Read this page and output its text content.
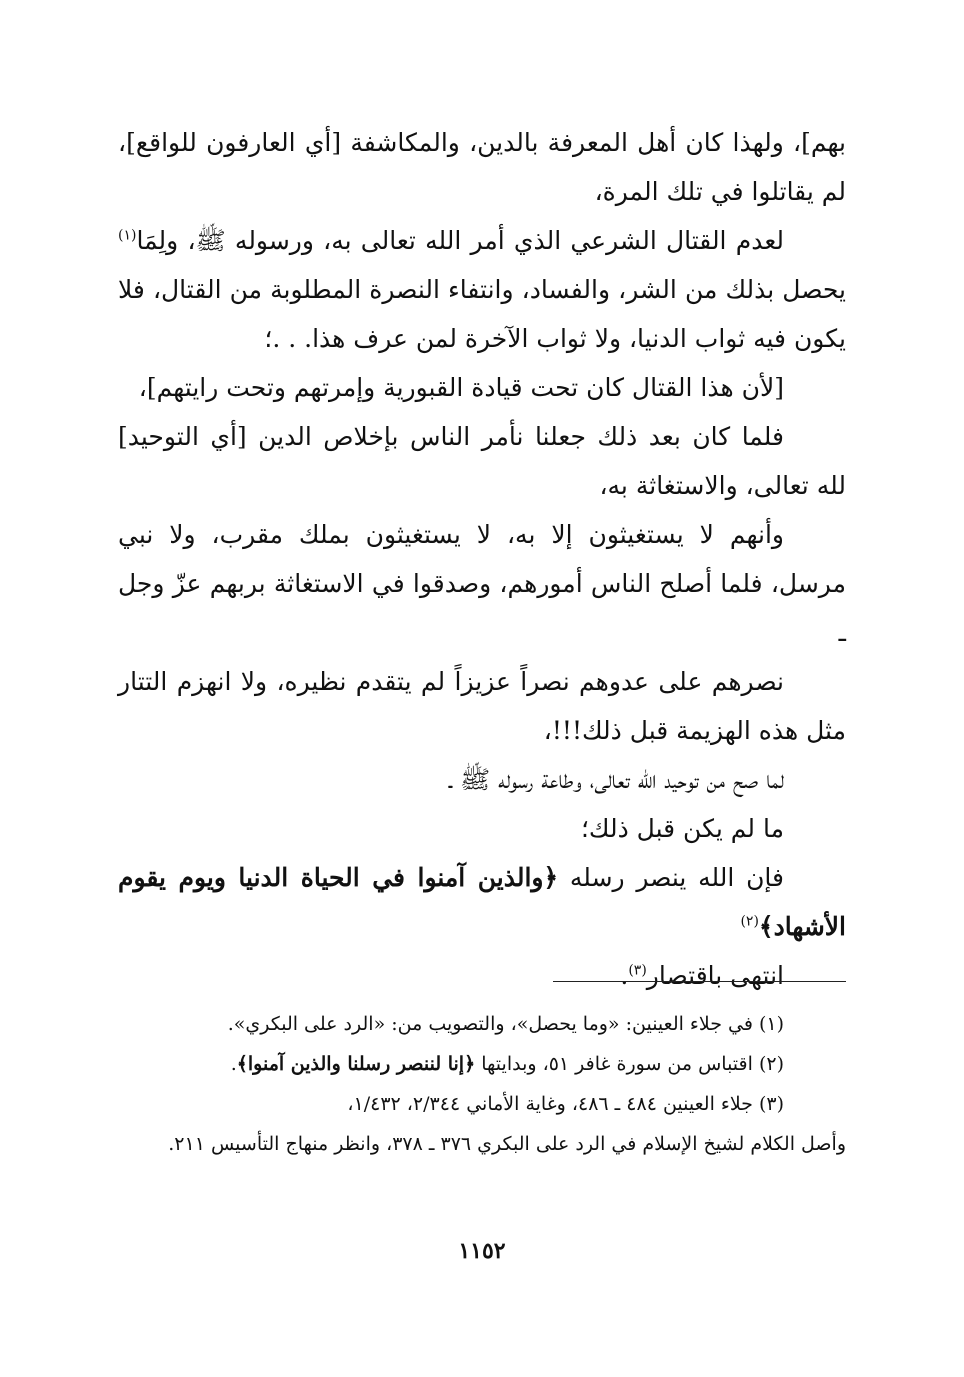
بهم]، ولهذا كان أهل المعرفة بالدين، والمكاشفة [أي العارفون للواقع]، لم يقاتلوا في تلك المرة،

لعدم القتال الشرعي الذي أمر الله تعالى به، ورسوله ﷺ، ولِمَا$^{(١)}$ يحصل بذلك من الشر، والفساد، وانتفاء النصرة المطلوبة من القتال، فلا يكون فيه ثواب الدنيا، ولا ثواب الآخرة لمن عرف هذا. . .؛

[لأن هذا القتال كان تحت قيادة القبورية وإمرتهم وتحت رايتهم]،

فلما كان بعد ذلك جعلنا نأمر الناس بإخلاص الدين [أي التوحيد] لله تعالى، والاستغاثة به،

وأنهم لا يستغيثون إلا به، لا يستغيثون بملك مقرب، ولا نبي مرسل، فلما أصلح الناس أمورهم، وصدقوا في الاستغاثة بربهم عزّ وجل ـ

نصرهم على عدوهم نصراً عزيزاً لم يتقدم نظيره، ولا انهزم التتار مثل هذه الهزيمة قبل ذلك!!!،

لما صح من توحيد الله تعالى، وطاعة رسوله ﷺ ـ

ما لم يكن قبل ذلك؛

فإن الله ينصر رسله ﴿والذين آمنوا في الحياة الدنيا ويوم يقوم الأشهاد﴾$^{(٢)}$

انتهى باقتصار$^{(٣)}$.

(١) في جلاء العينين: «وما يحصل»، والتصويب من: «الرد على البكري».

(٢) اقتباس من سورة غافر ٥١، وبدايتها ﴿إنا لننصر رسلنا والذين آمنوا﴾.

(٣) جلاء العينين ٤٨٤ ـ ٤٨٦، وغاية الأماني ٢/٣٤٤، ١/٤٣٢،

وأصل الكلام لشيخ الإسلام في الرد على البكري ٣٧٦ ـ ٣٧٨، وانظر منهاج التأسيس ٢١١.

١١٥٢
